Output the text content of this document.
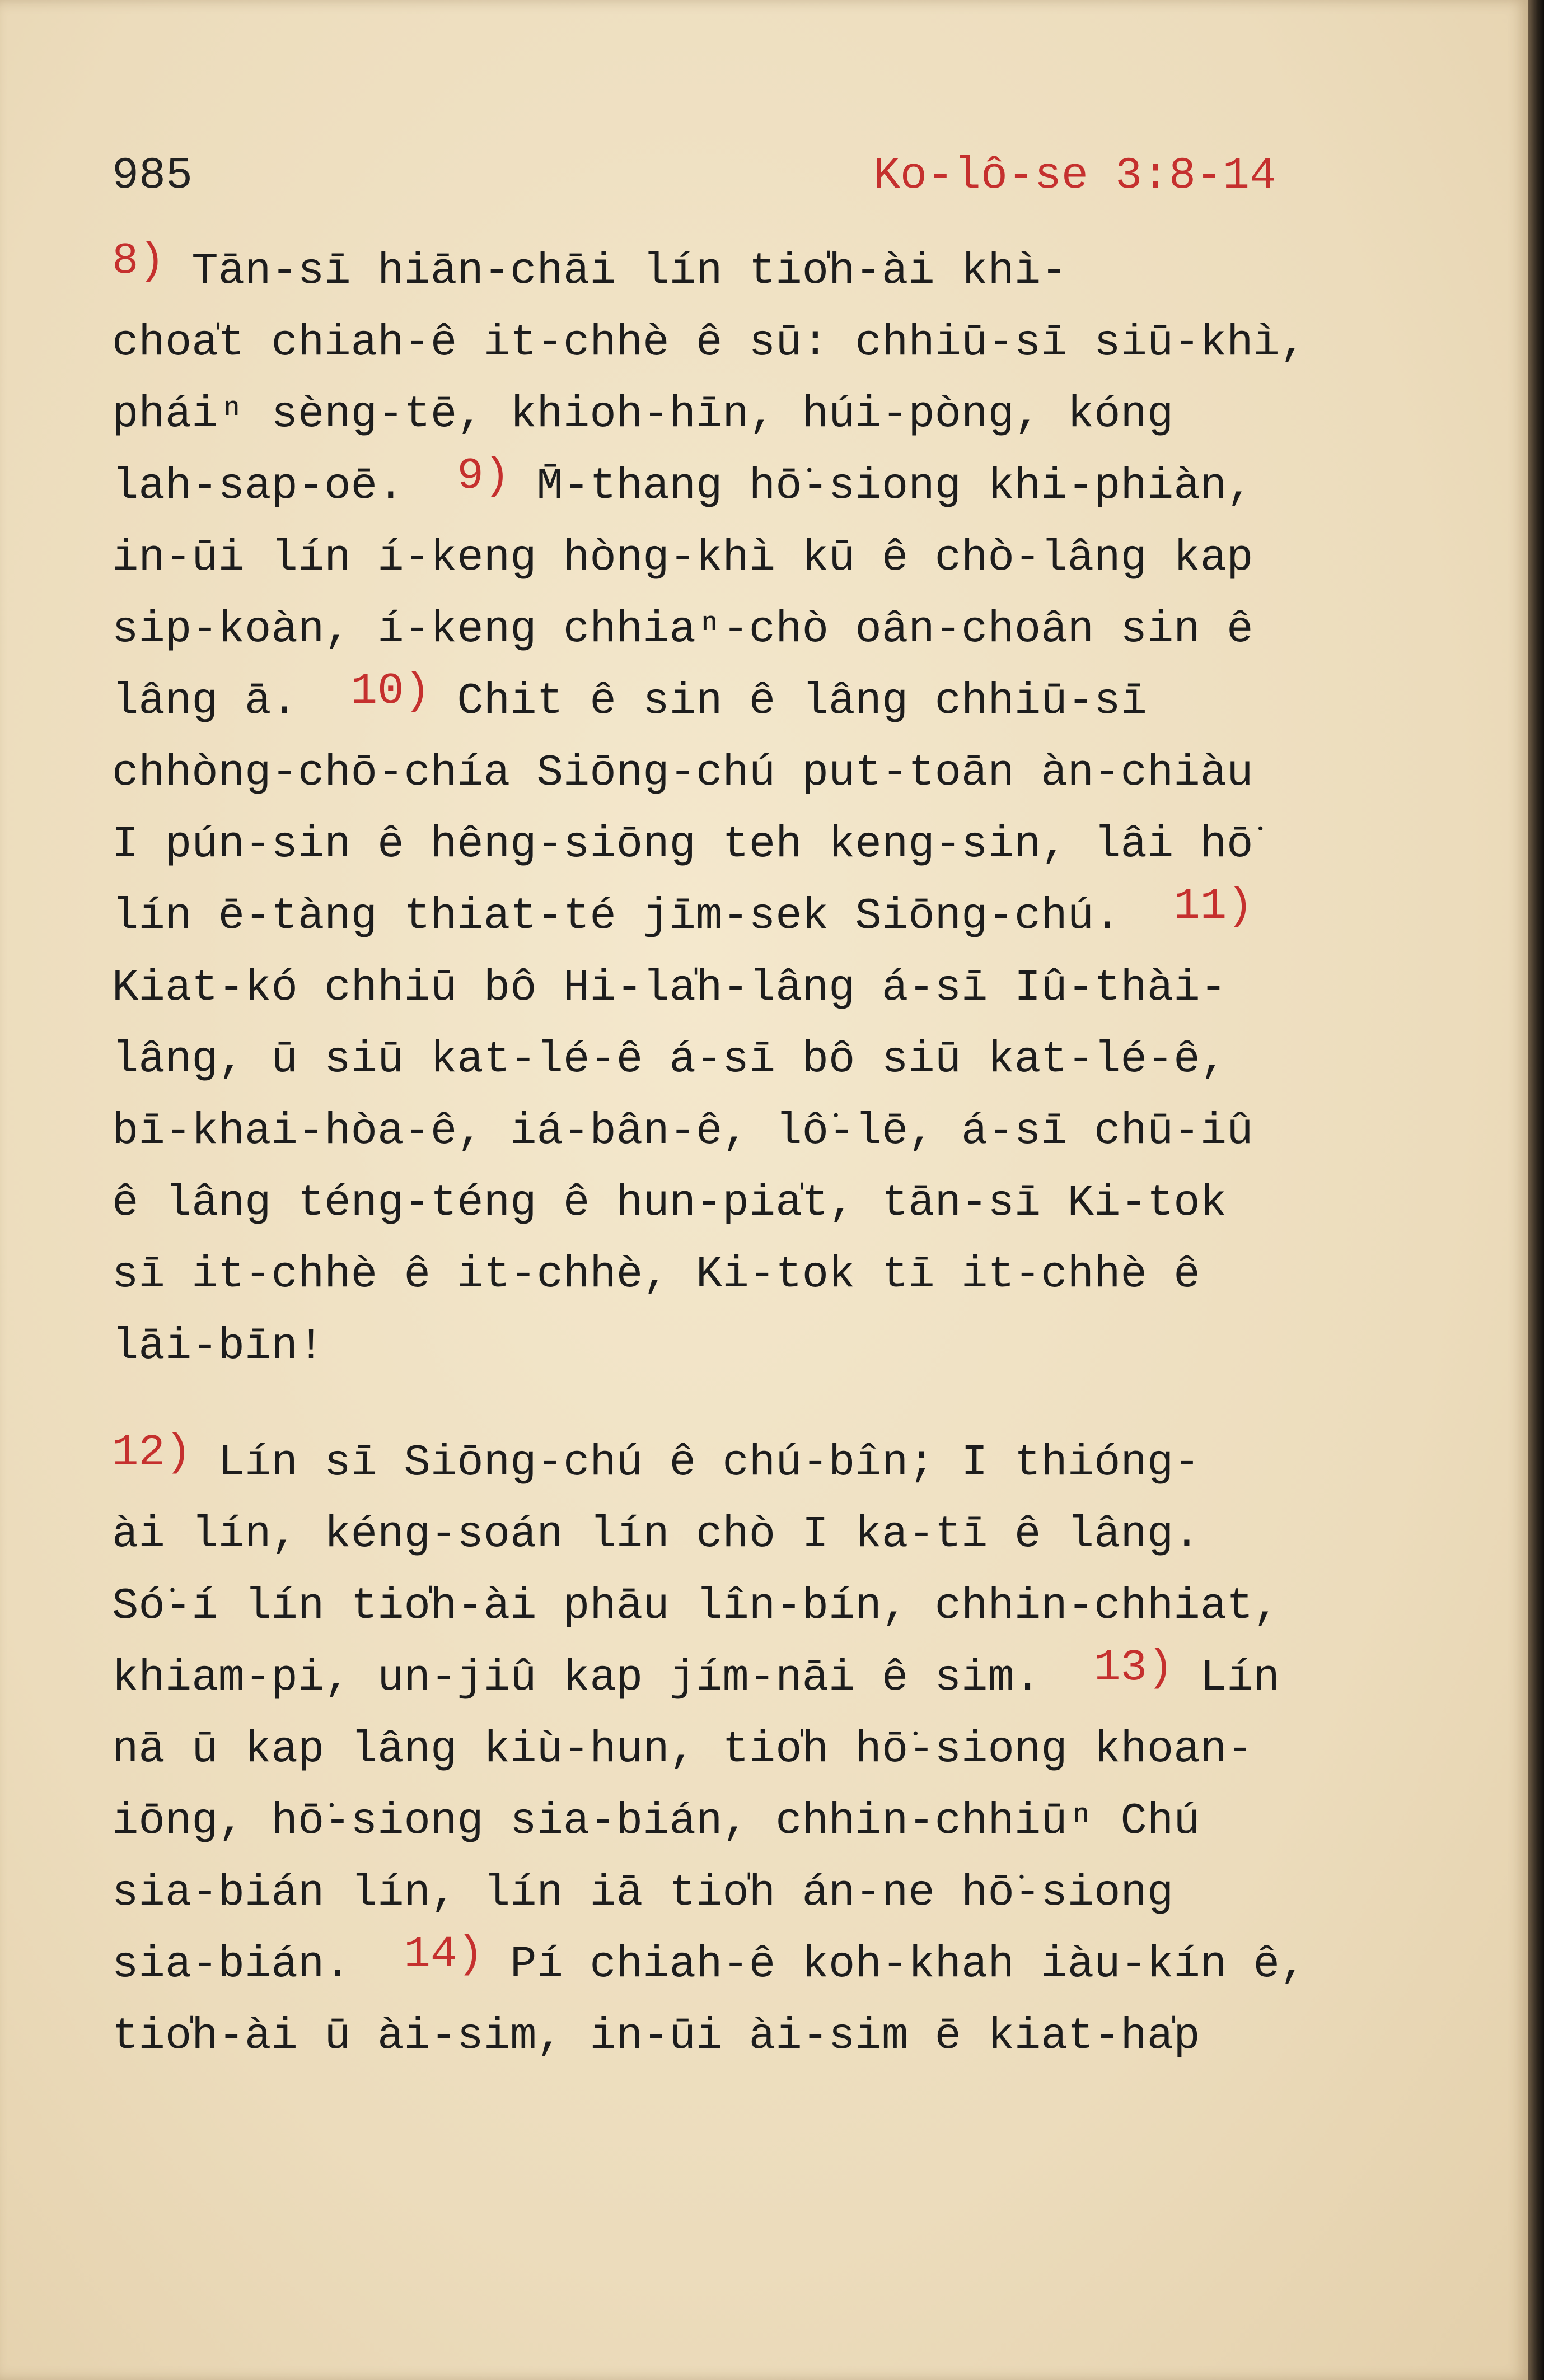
985	Ko-lô-se 3:8-14
8) Tān-sī hiān-chāi lín tio̍h-ài khì-
choa̍t chiah-ê it-chhè ê sū: chhiū-sī siū-khì,
pháiⁿ sèng-tē, khioh-hīn, húi-pòng, kóng
lah-sap-oē.  9) M̄-thang hō͘-siong khi-phiàn,
in-ūi lín í-keng hòng-khì kū ê chò-lâng kap
sip-koàn, í-keng chhiaⁿ-chò oân-choân sin ê
lâng ā.  10) Chit ê sin ê lâng chhiū-sī
chhòng-chō-chía Siōng-chú put-toān àn-chiàu
I pún-sin ê hêng-siōng teh keng-sin, lâi hō͘
lín ē-tàng thiat-té jīm-sek Siōng-chú.  11)
Kiat-kó chhiū bô Hi-la̍h-lâng á-sī Iû-thài-
lâng, ū siū kat-lé-ê á-sī bô siū kat-lé-ê,
bī-khai-hòa-ê, iá-bân-ê, lô͘-lē, á-sī chū-iû
ê lâng téng-téng ê hun-pia̍t, tān-sī Ki-tok
sī it-chhè ê it-chhè, Ki-tok tī it-chhè ê
lāi-bīn!
12) Lín sī Siōng-chú ê chú-bîn; I thióng-
ài lín, kéng-soán lín chò I ka-tī ê lâng.
Só͘-í lín tio̍h-ài phāu lîn-bín, chhin-chhiat,
khiam-pi, un-jiû kap jím-nāi ê sim.  13) Lín
nā ū kap lâng kiù-hun, tio̍h hō͘-siong khoan-
iōng, hō͘-siong sia-bián, chhin-chhiūⁿ Chú
sia-bián lín, lín iā tio̍h án-ne hō͘-siong
sia-bián.  14) Pí chiah-ê koh-khah iàu-kín ê,
tio̍h-ài ū ài-sim, in-ūi ài-sim ē kiat-ha̍p
